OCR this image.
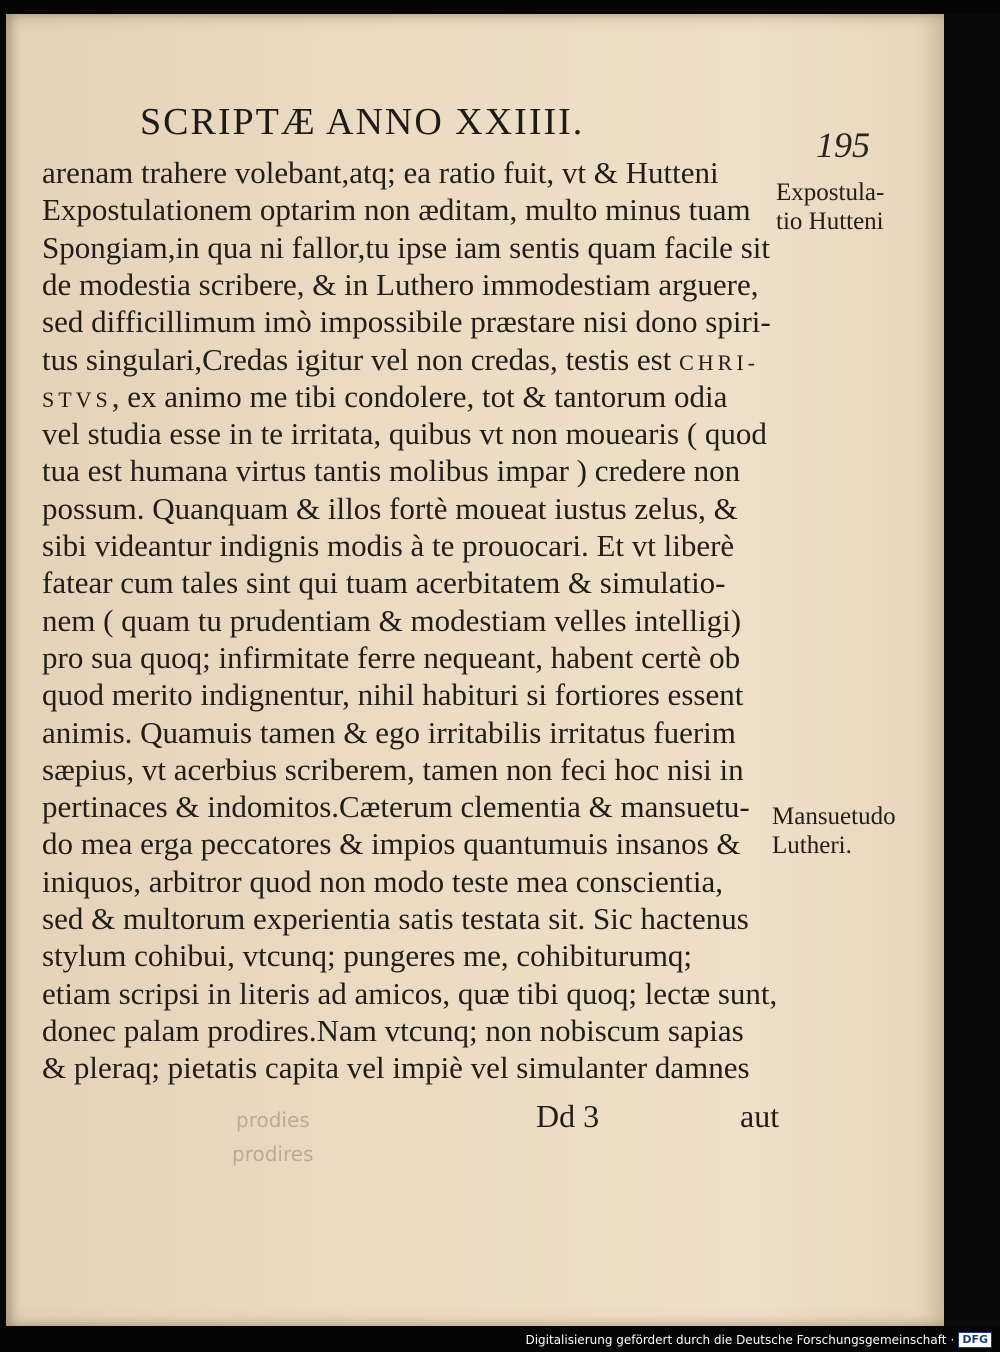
SCRIPTÆ ANNO XXIIII.
195
arenam trahere volebant,atq; ea ratio fuit, vt & Hutteni
Expostulationem optarim non æditam, multo minus tuam
Spongiam,in qua ni fallor,tu ipse iam sentis quam facile sit
de modestia scribere, & in Luthero immodestiam arguere,
sed difficillimum imò impossibile præstare nisi dono spiri-
tus singulari,Credas igitur vel non credas, testis est CHRI-
STVS, ex animo me tibi condolere, tot & tantorum odia
vel studia esse in te irritata, quibus vt non mouearis ( quod
tua est humana virtus tantis molibus impar ) credere non
possum. Quanquam & illos fortè moueat iustus zelus, &
sibi videantur indignis modis à te prouocari. Et vt liberè
fatear cum tales sint qui tuam acerbitatem & simulatio-
nem ( quam tu prudentiam & modestiam velles intelligi)
pro sua quoq; infirmitate ferre nequeant, habent certè ob
quod merito indignentur, nihil habituri si fortiores essent
animis. Quamuis tamen & ego irritabilis irritatus fuerim
sæpius, vt acerbius scriberem, tamen non feci hoc nisi in
pertinaces & indomitos.Cæterum clementia & mansuetu-
do mea erga peccatores & impios quantumuis insanos &
iniquos, arbitror quod non modo teste mea conscientia,
sed & multorum experientia satis testata sit. Sic hactenus
stylum cohibui, vtcunq; pungeres me, cohibiturumq;
etiam scripsi in literis ad amicos, quæ tibi quoq; lectæ sunt,
donec palam prodires.Nam vtcunq; non nobiscum sapias
& pleraq; pietatis capita vel impiè vel simulanter damnes
Expostula-
tio Hutteni
Mansuetudo
Lutheri.
Dd 3	aut
prodies
prodires
Digitalisierung gefördert durch die Deutsche Forschungsgemeinschaft · DFG
